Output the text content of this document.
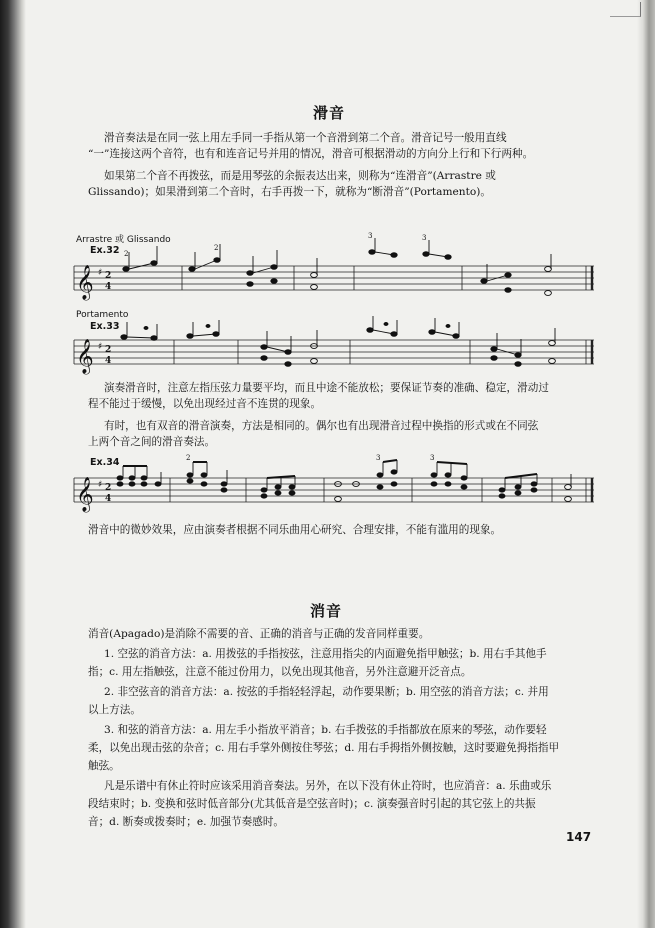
滑音
滑音奏法是在同一弦上用左手同一手指从第一个音滑到第二个音。滑音记号一般用直线
“一”连接这两个音符，也有和连音记号并用的情况，滑音可根据滑动的方向分上行和下行两种。
如果第二个音不再拨弦，而是用琴弦的余振表达出来，则称为“连滑音”(Arrastre 或
Glissando)；如果滑到第二个音时，右手再拨一下，就称为“断滑音”(Portamento)。
Arrastre 或 Glissando
Ex.32
𝄞 ♯ 2
4
2
2
3	3
Portamento
Ex.33
𝄞 ♯ 2
4
演奏滑音时，注意左指压弦力量要平均，而且中途不能放松；要保证节奏的准确、稳定，滑动过
程不能过于缓慢，以免出现经过音不连贯的现象。
有时，也有双音的滑音演奏，方法是相同的。偶尔也有出现滑音过程中换指的形式或在不同弦
上两个音之间的滑音奏法。
Ex.34
𝄞 ♯ 2
4
2	3	3
滑音中的微妙效果，应由演奏者根据不同乐曲用心研究、合理安排，不能有滥用的现象。
消音
消音(Apagado)是消除不需要的音、正确的消音与正确的发音同样重要。
1. 空弦的消音方法：a. 用拨弦的手指按弦，注意用指尖的内面避免指甲触弦；b. 用右手其他手
指；c. 用左指触弦，注意不能过份用力，以免出现其他音，另外注意避开泛音点。
2. 非空弦音的消音方法：a. 按弦的手指轻轻浮起，动作要果断；b. 用空弦的消音方法；c. 并用
以上方法。
3. 和弦的消音方法：a. 用左手小指放平消音；b. 右手拨弦的手指都放在原来的琴弦，动作要轻
柔，以免出现击弦的杂音；c. 用右手掌外侧按住琴弦；d. 用右手拇指外侧按触，这时要避免拇指指甲
触弦。
凡是乐谱中有休止符时应该采用消音奏法。另外，在以下没有休止符时，也应消音：a. 乐曲或乐
段结束时；b. 变换和弦时低音部分(尤其低音是空弦音时)；c. 演奏强音时引起的其它弦上的共振
音；d. 断奏或拨奏时；e. 加强节奏感时。
147
